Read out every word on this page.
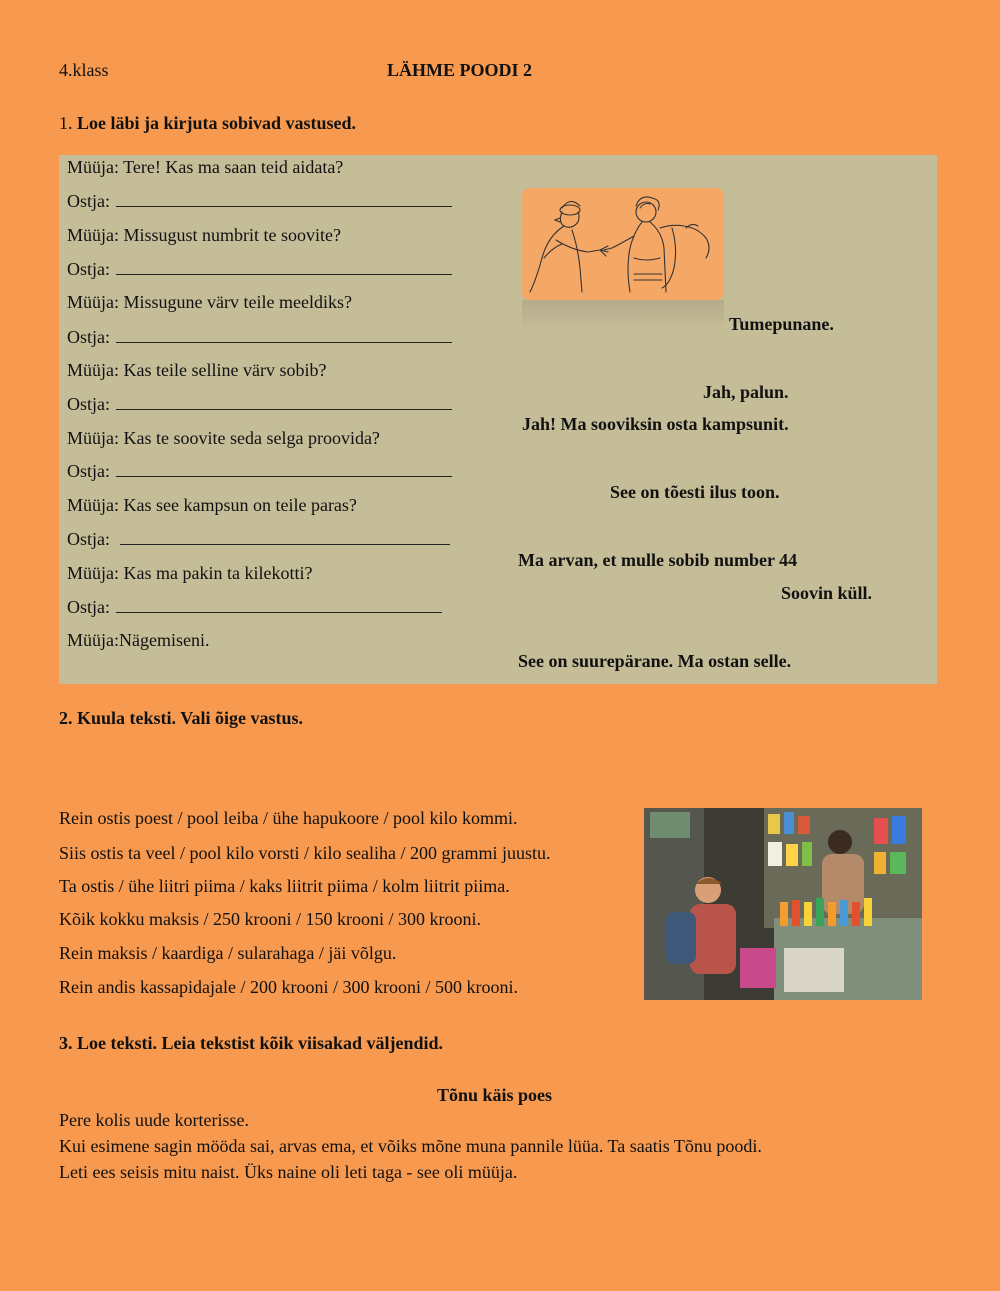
4.klass	LÄHME POODI 2
1. Loe läbi ja kirjuta sobivad vastused.
Müüja: Tere! Kas ma saan teid aidata?
Ostja:
Müüja: Missugust numbrit te soovite?
Ostja:
Müüja: Missugune värv teile meeldiks?
Ostja:
Müüja: Kas teile selline värv sobib?
Ostja:
Müüja: Kas te soovite seda selga proovida?
Ostja:
Müüja: Kas see kampsun on teile paras?
Ostja:
Müüja: Kas ma pakin ta kilekotti?
Ostja:
Müüja:Nägemiseni.
Tumepunane.
Jah, palun.
Jah! Ma sooviksin osta kampsunit.
See on tõesti ilus toon.
Ma arvan, et mulle sobib number 44
Soovin küll.
See on suurepärane. Ma ostan selle.
2. Kuula teksti. Vali õige vastus.
Rein ostis poest / pool leiba / ühe hapukoore / pool kilo kommi.
Siis ostis ta veel / pool kilo vorsti / kilo sealiha / 200 grammi juustu.
Ta ostis / ühe liitri piima / kaks liitrit piima / kolm liitrit piima.
Kõik kokku maksis / 250 krooni / 150 krooni / 300 krooni.
Rein maksis / kaardiga / sularahaga / jäi võlgu.
Rein andis kassapidajale / 200 krooni / 300 krooni / 500 krooni.
3. Loe teksti. Leia tekstist kõik viisakad väljendid.
Tõnu käis poes
Pere kolis uude korterisse.
Kui esimene sagin mööda sai, arvas ema, et võiks mõne muna pannile lüüa. Ta saatis Tõnu poodi.
Leti ees seisis mitu naist. Üks naine oli leti taga - see oli müüja.
